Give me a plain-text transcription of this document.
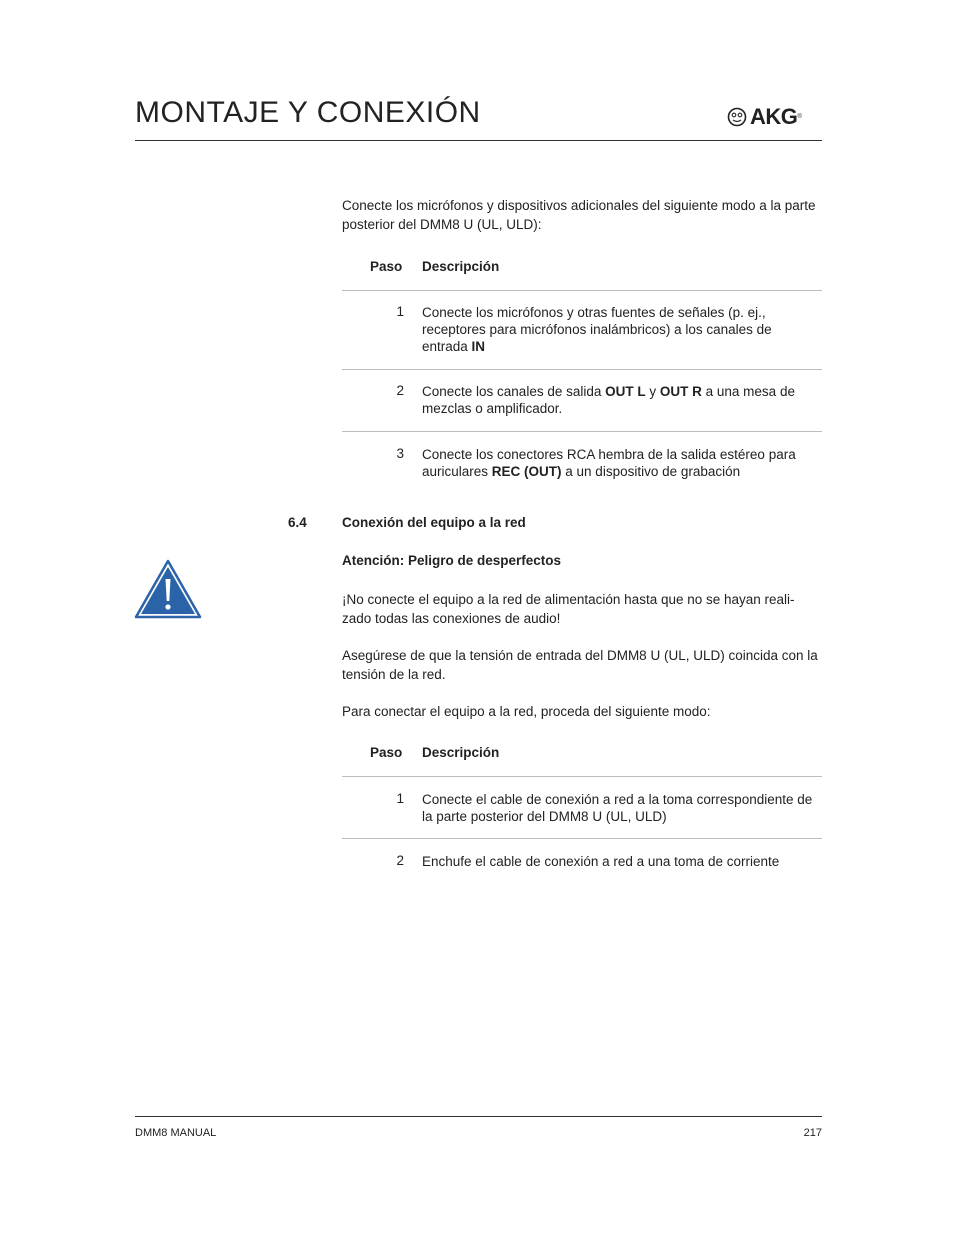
MONTAJE Y CONEXIÓN	AKG ®
Conecte los micrófonos y dispositivos adicionales del siguiente modo a la parte posterior del DMM8 U (UL, ULD):
Paso Descripción
1 Conecte los micrófonos y otras fuentes de señales (p. ej., receptores para micrófonos inalámbricos) a los canales de entrada IN
2 Conecte los canales de salida OUT L y OUT R a una mesa de mezclas o amplificador.
3 Conecte los conectores RCA hembra de la salida estéreo para auriculares REC (OUT) a un dispositivo de grabación
6.4	Conexión del equipo a la red
Atención: Peligro de desperfectos
¡No conecte el equipo a la red de alimentación hasta que no se hayan reali-zado todas las conexiones de audio!
Asegúrese de que la tensión de entrada del DMM8 U (UL, ULD) coincida con la tensión de la red.
Para conectar el equipo a la red, proceda del siguiente modo:
Paso Descripción
1 Conecte el cable de conexión a red a la toma correspondiente de la parte posterior del DMM8 U (UL, ULD)
2 Enchufe el cable de conexión a red a una toma de corriente
DMM8 MANUAL	217
